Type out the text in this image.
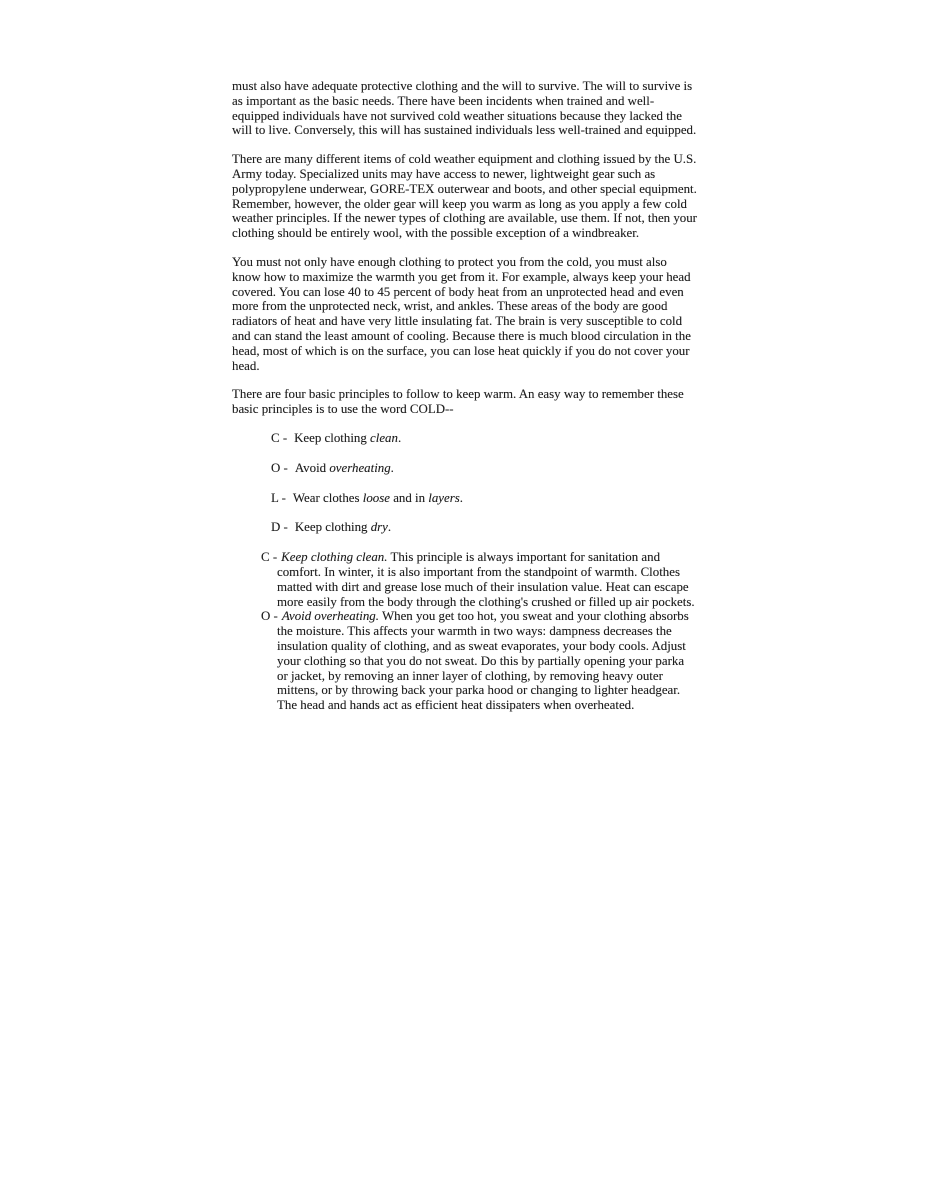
must also have adequate protective clothing and the will to survive. The will to survive is as important as the basic needs. There have been incidents when trained and well-equipped individuals have not survived cold weather situations because they lacked the will to live. Conversely, this will has sustained individuals less well-trained and equipped.

There are many different items of cold weather equipment and clothing issued by the U.S. Army today. Specialized units may have access to newer, lightweight gear such as polypropylene underwear, GORE-TEX outerwear and boots, and other special equipment. Remember, however, the older gear will keep you warm as long as you apply a few cold weather principles. If the newer types of clothing are available, use them. If not, then your clothing should be entirely wool, with the possible exception of a windbreaker.

You must not only have enough clothing to protect you from the cold, you must also know how to maximize the warmth you get from it. For example, always keep your head covered. You can lose 40 to 45 percent of body heat from an unprotected head and even more from the unprotected neck, wrist, and ankles. These areas of the body are good radiators of heat and have very little insulating fat. The brain is very susceptible to cold and can stand the least amount of cooling. Because there is much blood circulation in the head, most of which is on the surface, you can lose heat quickly if you do not cover your head.

There are four basic principles to follow to keep warm. An easy way to remember these basic principles is to use the word COLD--

C - Keep clothing clean.
O - Avoid overheating.
L - Wear clothes loose and in layers.
D - Keep clothing dry.

C - Keep clothing clean. This principle is always important for sanitation and comfort. In winter, it is also important from the standpoint of warmth. Clothes matted with dirt and grease lose much of their insulation value. Heat can escape more easily from the body through the clothing's crushed or filled up air pockets.

O - Avoid overheating. When you get too hot, you sweat and your clothing absorbs the moisture. This affects your warmth in two ways: dampness decreases the insulation quality of clothing, and as sweat evaporates, your body cools. Adjust your clothing so that you do not sweat. Do this by partially opening your parka or jacket, by removing an inner layer of clothing, by removing heavy outer mittens, or by throwing back your parka hood or changing to lighter headgear. The head and hands act as efficient heat dissipaters when overheated.
